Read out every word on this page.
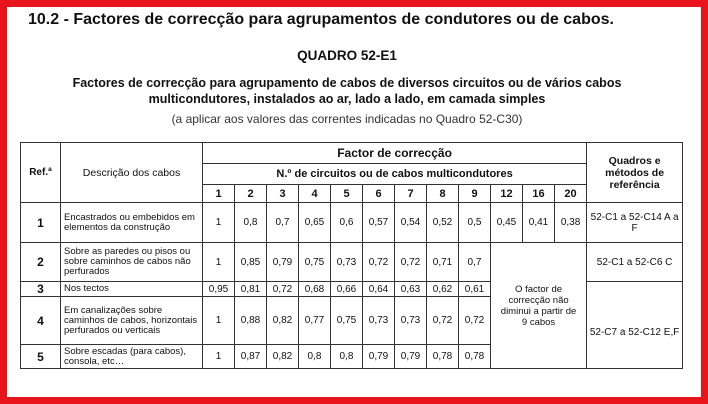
10.2 - Factores de correcção para agrupamentos de condutores ou de cabos.
QUADRO 52-E1
Factores de correcção para agrupamento de cabos de diversos circuitos ou de vários cabos
multicondutores, instalados ao ar, lado a lado, em camada simples
(a aplicar aos valores das correntes indicadas no Quadro 52-C30)
Ref.ª	Descrição dos cabos	Factor de correcção												Quadros e métodos de referência
		N.º de circuitos ou de cabos multicondutores												
		1	2	3	4	5	6	7	8	9	12	16	20	
1	Encastrados ou embebidos em elementos da construção	1	0,8	0,7	0,65	0,6	0,57	0,54	0,52	0,5	0,45	0,41	0,38	52-C1 a 52-C14 A a F
2	Sobre as paredes ou pisos ou sobre caminhos de cabos não perfurados	1	0,85	0,79	0,75	0,73	0,72	0,72	0,71	0,7	O factor de correcção não diminui a partir de 9 cabos			52-C1 a 52-C6 C
3	Nos tectos	0,95	0,81	0,72	0,68	0,66	0,64	0,63	0,62	0,61				
4	Em canalizações sobre caminhos de cabos, horizontais perfurados ou verticais	1	0,88	0,82	0,77	0,75	0,73	0,73	0,72	0,72				52-C7 a 52-C12 E,F
5	Sobre escadas (para cabos), consola, etc…	1	0,87	0,82	0,8	0,8	0,79	0,79	0,78	0,78				
